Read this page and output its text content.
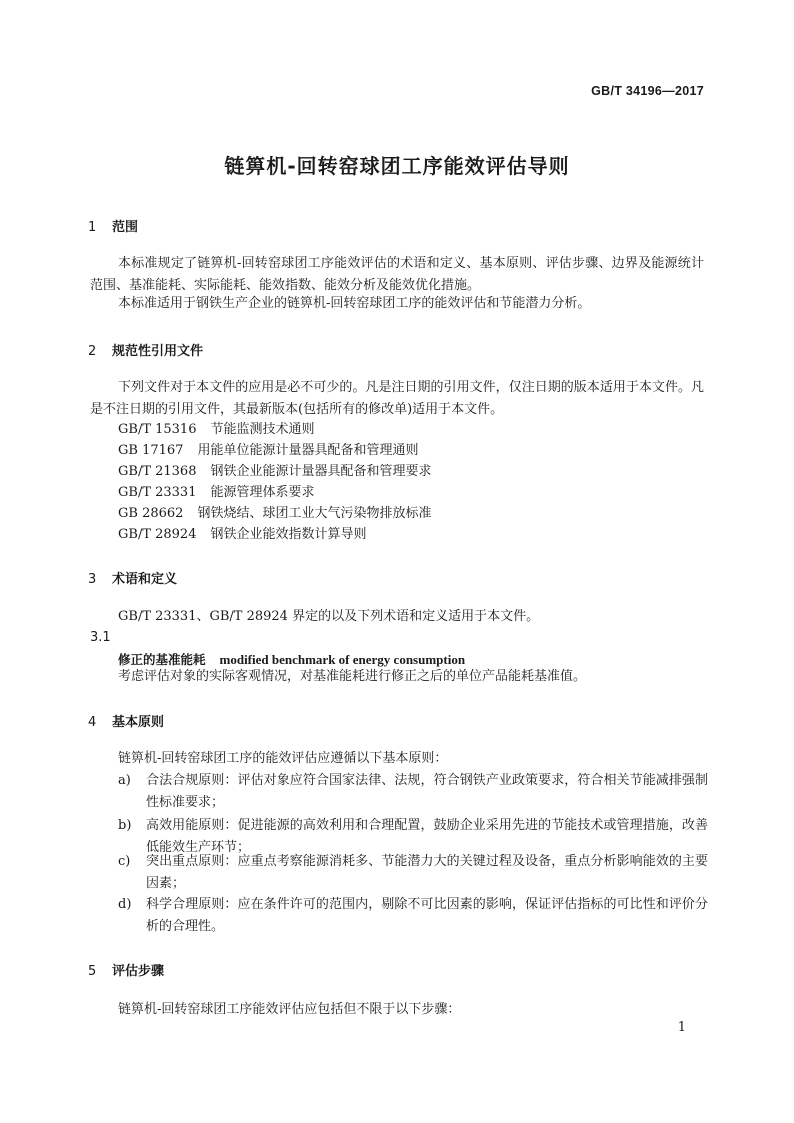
GB/T 34196—2017
链箅机-回转窑球团工序能效评估导则
1 范围

本标准规定了链箅机-回转窑球团工序能效评估的术语和定义、基本原则、评估步骤、边界及能源统计范围、基准能耗、实际能耗、能效指数、能效分析及能效优化措施。

本标准适用于钢铁生产企业的链箅机-回转窑球团工序的能效评估和节能潜力分析。

2 规范性引用文件

下列文件对于本文件的应用是必不可少的。凡是注日期的引用文件，仅注日期的版本适用于本文件。凡是不注日期的引用文件，其最新版本(包括所有的修改单)适用于本文件。

GB/T 15316 节能监测技术通则
GB 17167 用能单位能源计量器具配备和管理通则
GB/T 21368 钢铁企业能源计量器具配备和管理要求
GB/T 23331 能源管理体系要求
GB 28662 钢铁烧结、球团工业大气污染物排放标准
GB/T 28924 钢铁企业能效指数计算导则
3 术语和定义

GB/T 23331、GB/T 28924 界定的以及下列术语和定义适用于本文件。

3.1
修正的基准能耗 modified benchmark of energy consumption

考虑评估对象的实际客观情况，对基准能耗进行修正之后的单位产品能耗基准值。

4 基本原则

链箅机-回转窑球团工序的能效评估应遵循以下基本原则：

a)	合法合规原则：评估对象应符合国家法律、法规，符合钢铁产业政策要求，符合相关节能减排强制性标准要求；
b)	高效用能原则：促进能源的高效利用和合理配置，鼓励企业采用先进的节能技术或管理措施，改善低能效生产环节；
c)	突出重点原则：应重点考察能源消耗多、节能潜力大的关键过程及设备，重点分析影响能效的主要因素；
d)	科学合理原则：应在条件许可的范围内，剔除不可比因素的影响，保证评估指标的可比性和评价分析的合理性。
5 评估步骤

链箅机-回转窑球团工序能效评估应包括但不限于以下步骤：

1
